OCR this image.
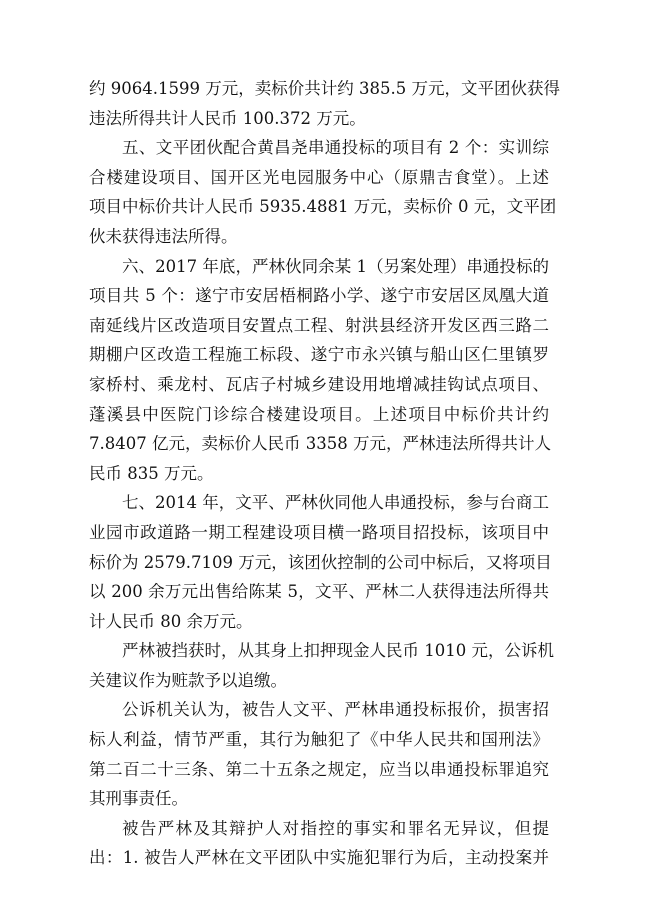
约 9064.1599 万元，卖标价共计约 385.5 万元，文平团伙获得
违法所得共计人民币 100.372 万元。

五、文平团伙配合黄昌尧串通投标的项目有 2 个：实训综
合楼建设项目、国开区光电园服务中心（原鼎吉食堂）。上述
项目中标价共计人民币 5935.4881 万元，卖标价 0 元，文平团
伙未获得违法所得。

六、2017 年底，严林伙同余某 1（另案处理）串通投标的
项目共 5 个：遂宁市安居梧桐路小学、遂宁市安居区凤凰大道
南延线片区改造项目安置点工程、射洪县经济开发区西三路二
期棚户区改造工程施工标段、遂宁市永兴镇与船山区仁里镇罗
家桥村、乘龙村、瓦店子村城乡建设用地增减挂钩试点项目、
蓬溪县中医院门诊综合楼建设项目。上述项目中标价共计约
7.8407 亿元，卖标价人民币 3358 万元，严林违法所得共计人
民币 835 万元。

七、2014 年，文平、严林伙同他人串通投标，参与台商工
业园市政道路一期工程建设项目横一路项目招投标，该项目中
标价为 2579.7109 万元，该团伙控制的公司中标后，又将项目
以 200 余万元出售给陈某 5，文平、严林二人获得违法所得共
计人民币 80 余万元。

严林被挡获时，从其身上扣押现金人民币 1010 元，公诉机
关建议作为赃款予以追缴。

公诉机关认为，被告人文平、严林串通投标报价，损害招
标人利益，情节严重，其行为触犯了《中华人民共和国刑法》
第二百二十三条、第二十五条之规定，应当以串通投标罪追究
其刑事责任。

被告严林及其辩护人对指控的事实和罪名无异议，但提
出：1. 被告人严林在文平团队中实施犯罪行为后，主动投案并
